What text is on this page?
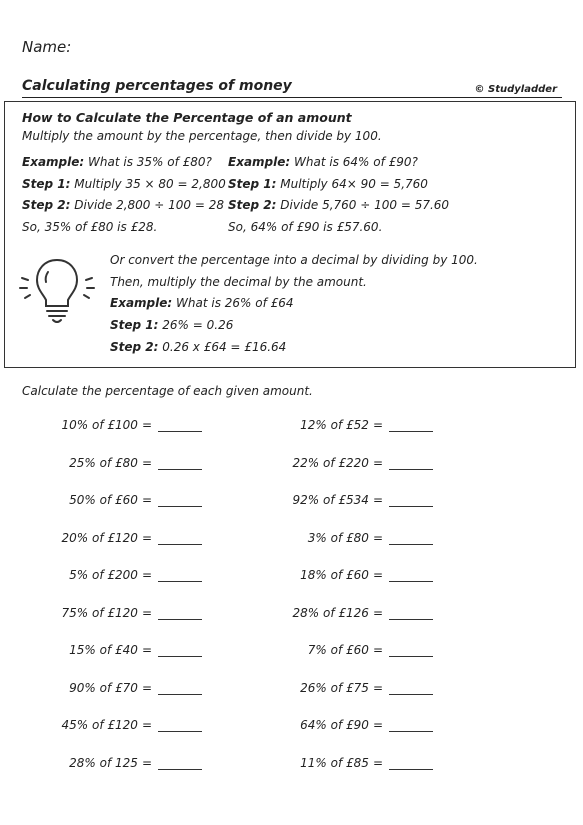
Name:
Calculating percentages of money	© Studyladder
How to Calculate the Percentage of an amount
Multiply the amount by the percentage, then divide by 100.
Example: What is 35% of £80?
Step 1: Multiply 35 × 80 = 2,800
Step 2: Divide 2,800 ÷ 100 = 28
So, 35% of £80 is £28.
Example: What is 64% of £90?
Step 1: Multiply 64× 90 = 5,760
Step 2: Divide 5,760 ÷ 100 = 57.60
So, 64% of £90 is £57.60.
Or convert the percentage into a decimal by dividing by 100.
Then, multiply the decimal by the amount.
Example: What is 26% of £64
Step 1: 26% = 0.26
Step 2: 0.26 x £64 = £16.64
Calculate the percentage of each given amount.
10% of £100 =
25% of £80 =
50% of £60 =
20% of £120 =
5% of £200 =
75% of £120 =
15% of £40 =
90% of £70 =
45% of £120 =
28% of 125 =
12% of £52 =
22% of £220 =
92% of £534 =
3% of £80 =
18% of £60 =
28% of £126 =
7% of £60 =
26% of £75 =
64% of £90 =
11% of £85 =
